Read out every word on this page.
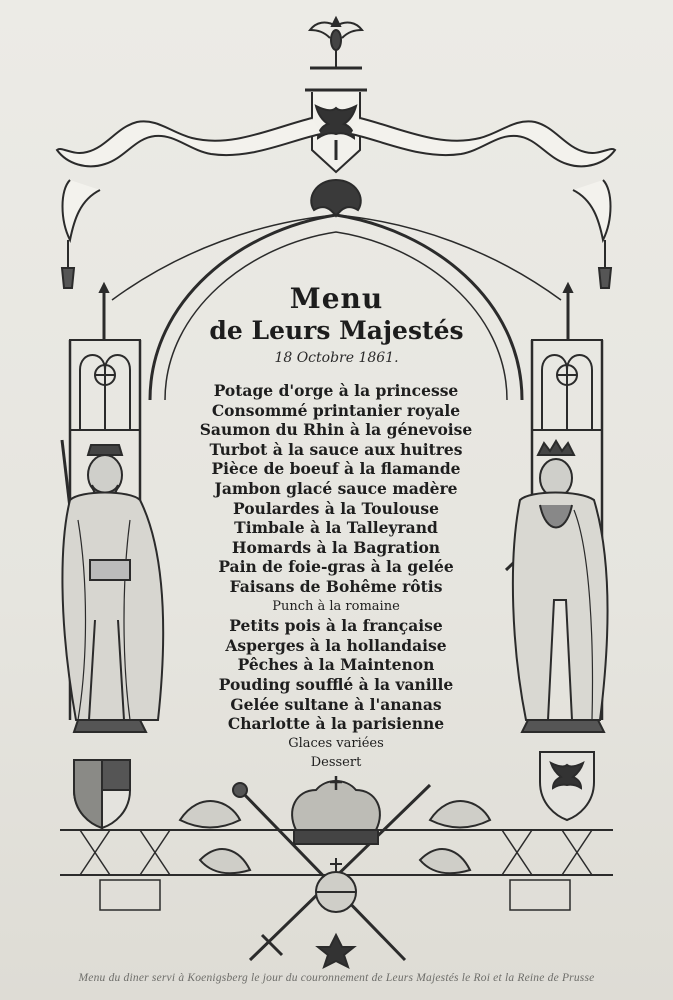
Menu
de Leurs Majestés

18 Octobre 1861.

Potage d'orge à la princesse
Consommé printanier royale
Saumon du Rhin à la génevoise
Turbot à la sauce aux huitres
Pièce de boeuf à la flamande
Jambon glacé sauce madère
Poulardes à la Toulouse
Timbale à la Talleyrand
Homards à la Bagration
Pain de foie-gras à la gelée
Faisans de Bohême rôtis
Punch à la romaine
Petits pois à la française
Asperges à la hollandaise
Pêches à la Maintenon
Pouding soufflé à la vanille
Gelée sultane à l'ananas
Charlotte à la parisienne
Glaces variées
Dessert

Menu du diner servi à Koenigsberg le jour du couronnement de Leurs Majestés le Roi et la Reine de Prusse
